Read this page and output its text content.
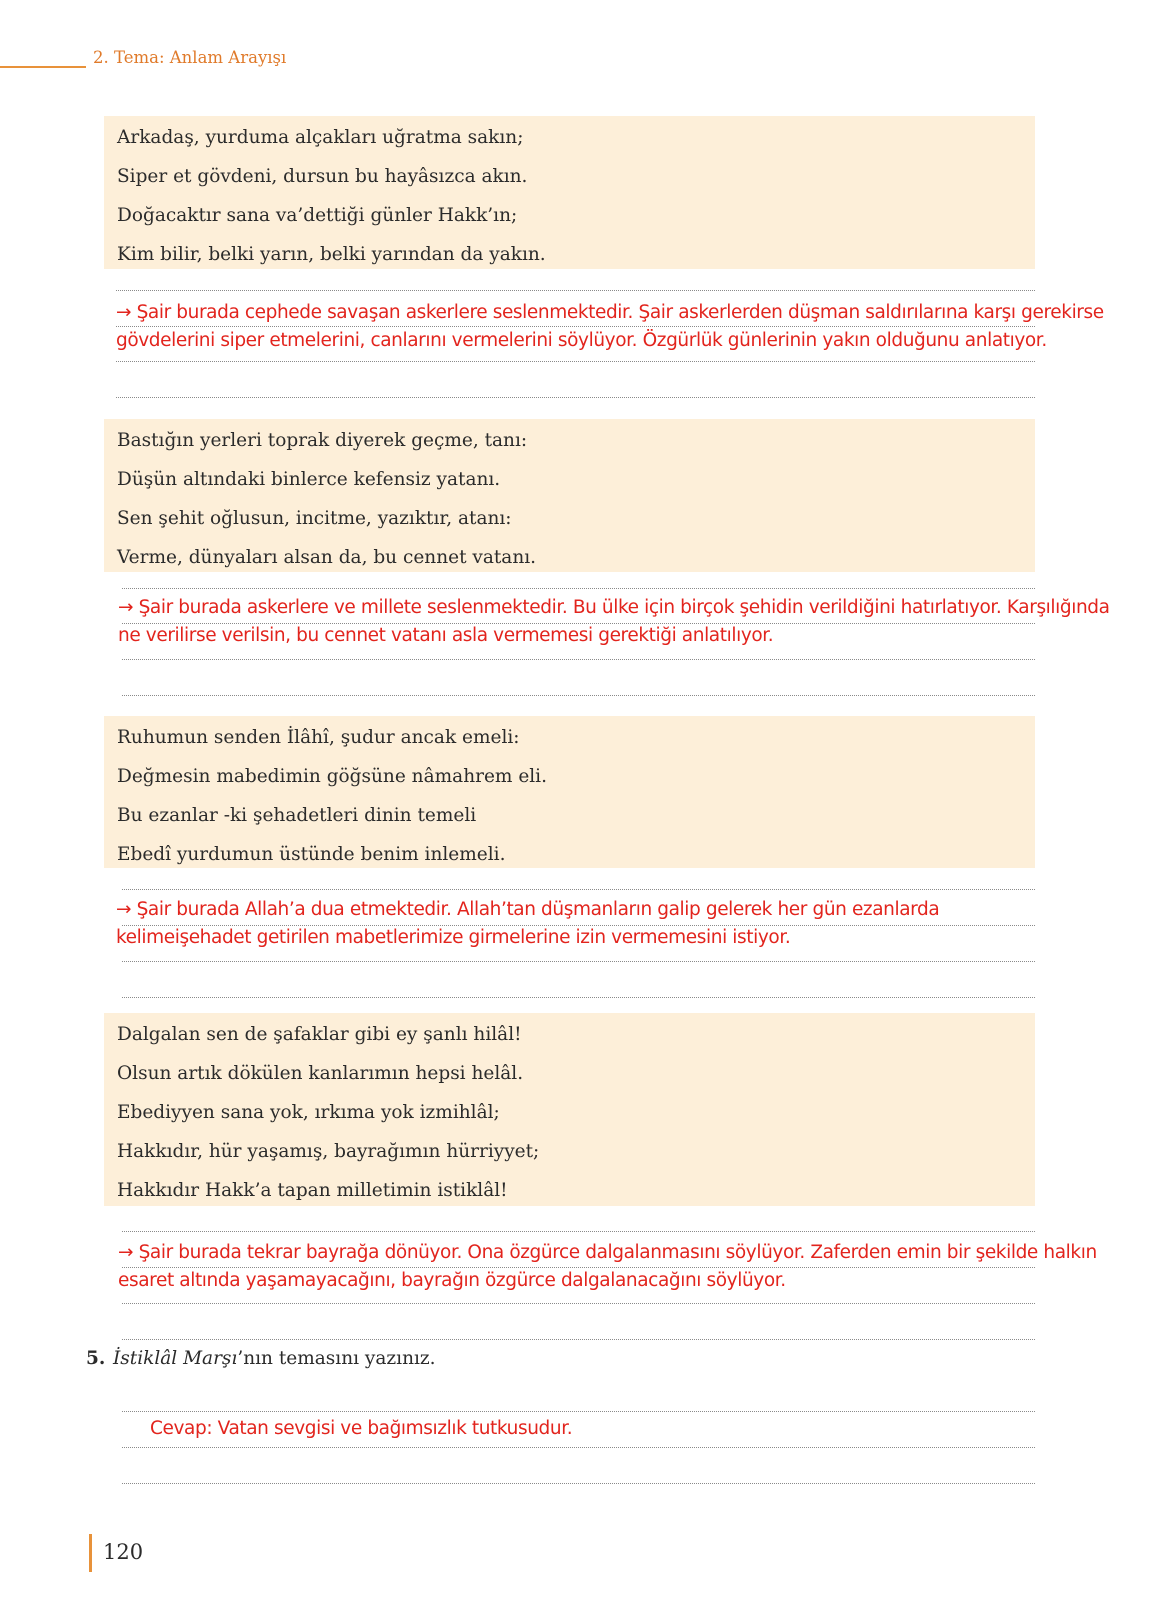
2. Tema: Anlam Arayışı
Arkadaş, yurduma alçakları uğratma sakın;
Siper et gövdeni, dursun bu hayâsızca akın.
Doğacaktır sana va’dettiği günler Hakk’ın;
Kim bilir, belki yarın, belki yarından da yakın.
→ Şair burada cephede savaşan askerlere seslenmektedir. Şair askerlerden düşman saldırılarına karşı gerekirse
gövdelerini siper etmelerini, canlarını vermelerini söylüyor. Özgürlük günlerinin yakın olduğunu anlatıyor.
Bastığın yerleri toprak diyerek geçme, tanı:
Düşün altındaki binlerce kefensiz yatanı.
Sen şehit oğlusun, incitme, yazıktır, atanı:
Verme, dünyaları alsan da, bu cennet vatanı.
→ Şair burada askerlere ve millete seslenmektedir. Bu ülke için birçok şehidin verildiğini hatırlatıyor. Karşılığında
ne verilirse verilsin, bu cennet vatanı asla vermemesi gerektiği anlatılıyor.
Ruhumun senden İlâhî, şudur ancak emeli:
Değmesin mabedimin göğsüne nâmahrem eli.
Bu ezanlar -ki şehadetleri dinin temeli
Ebedî yurdumun üstünde benim inlemeli.
→ Şair burada Allah’a dua etmektedir. Allah’tan düşmanların galip gelerek her gün ezanlarda
kelimeişehadet getirilen mabetlerimize girmelerine izin vermemesini istiyor.
Dalgalan sen de şafaklar gibi ey şanlı hilâl!
Olsun artık dökülen kanlarımın hepsi helâl.
Ebediyyen sana yok, ırkıma yok izmihlâl;
Hakkıdır, hür yaşamış, bayrağımın hürriyyet;
Hakkıdır Hakk’a tapan milletimin istiklâl!
→ Şair burada tekrar bayrağa dönüyor. Ona özgürce dalgalanmasını söylüyor. Zaferden emin bir şekilde halkın
esaret altında yaşamayacağını, bayrağın özgürce dalgalanacağını söylüyor.
5. İstiklâl Marşı’nın temasını yazınız.
Cevap: Vatan sevgisi ve bağımsızlık tutkusudur.
120
